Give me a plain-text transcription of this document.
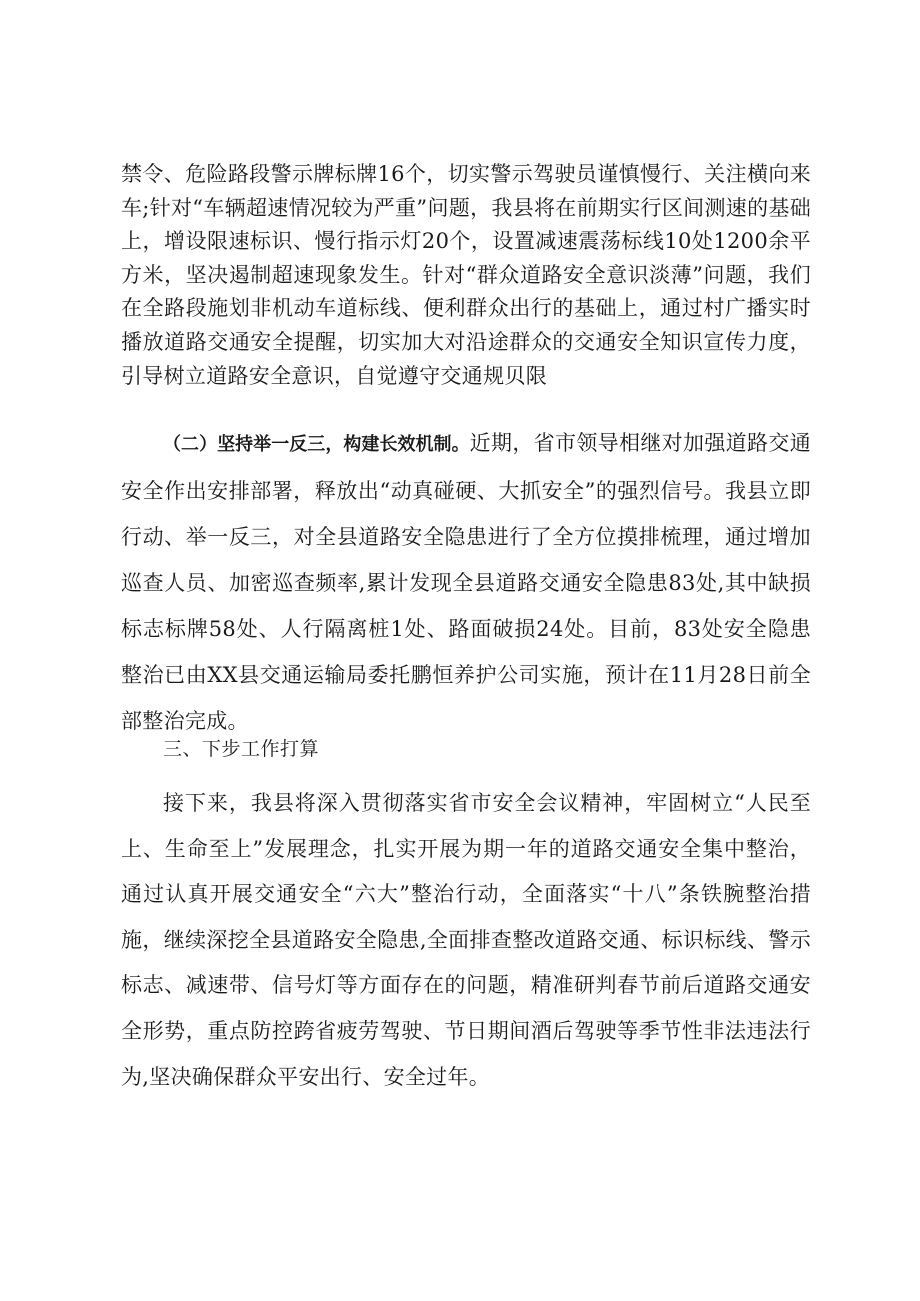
禁令、危险路段警示牌标牌16个，切实警示驾驶员谨慎慢行、关注横向来车;针对“车辆超速情况较为严重”问题，我县将在前期实行区间测速的基础上，增设限速标识、慢行指示灯20个，设置减速震荡标线10处1200余平方米，坚决遏制超速现象发生。针对“群众道路安全意识淡薄”问题，我们在全路段施划非机动车道标线、便利群众出行的基础上，通过村广播实时播放道路交通安全提醒，切实加大对沿途群众的交通安全知识宣传力度，引导树立道路安全意识，自觉遵守交通规贝限

（二）坚持举一反三，构建长效机制。近期，省市领导相继对加强道路交通安全作出安排部署，释放出“动真碰硬、大抓安全”的强烈信号。我县立即行动、举一反三，对全县道路安全隐患进行了全方位摸排梳理，通过增加巡查人员、加密巡查频率,累计发现全县道路交通安全隐患83处,其中缺损标志标牌58处、人行隔离桩1处、路面破损24处。目前，83处安全隐患整治已由XX县交通运输局委托鹏恒养护公司实施，预计在11月28日前全部整治完成。

三、下步工作打算

接下来，我县将深入贯彻落实省市安全会议精神，牢固树立“人民至上、生命至上”发展理念，扎实开展为期一年的道路交通安全集中整治，通过认真开展交通安全“六大”整治行动，全面落实“十八”条铁腕整治措施，继续深挖全县道路安全隐患,全面排查整改道路交通、标识标线、警示标志、减速带、信号灯等方面存在的问题，精准研判春节前后道路交通安全形势，重点防控跨省疲劳驾驶、节日期间酒后驾驶等季节性非法违法行为,坚决确保群众平安出行、安全过年。
